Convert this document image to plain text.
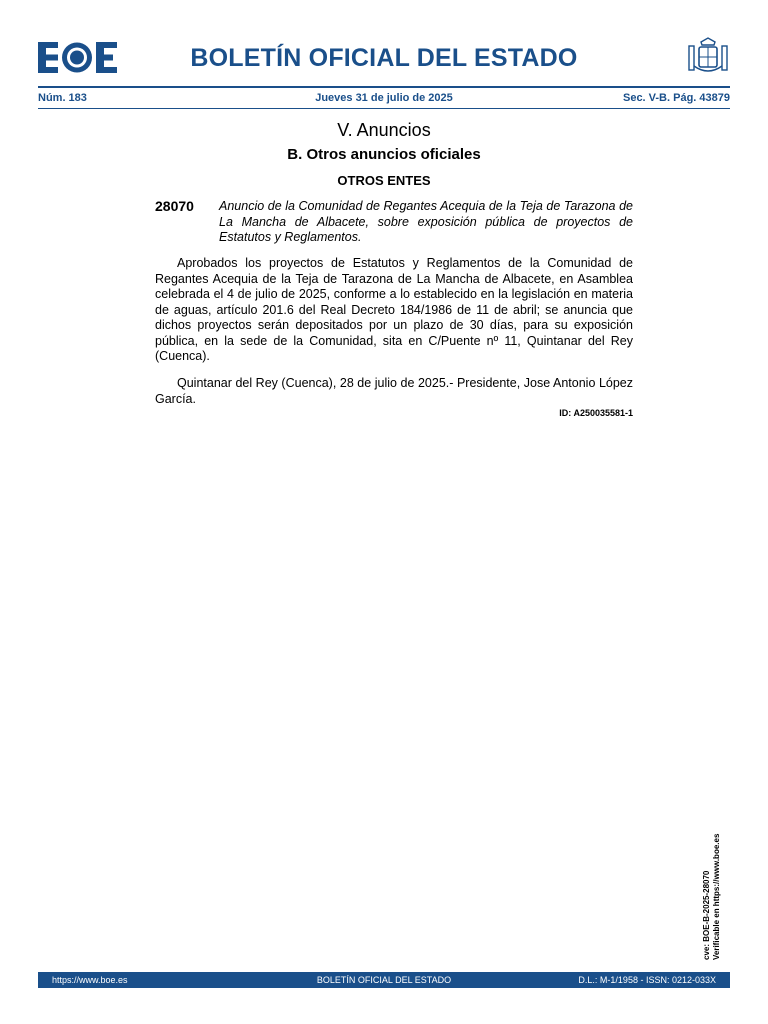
BOLETÍN OFICIAL DEL ESTADO
Núm. 183	Jueves 31 de julio de 2025	Sec. V-B. Pág. 43879
V. Anuncios
B. Otros anuncios oficiales
OTROS ENTES
28070 Anuncio de la Comunidad de Regantes Acequia de la Teja de Tarazona de La Mancha de Albacete, sobre exposición pública de proyectos de Estatutos y Reglamentos.

Aprobados los proyectos de Estatutos y Reglamentos de la Comunidad de Regantes Acequia de la Teja de Tarazona de La Mancha de Albacete, en Asamblea celebrada el 4 de julio de 2025, conforme a lo establecido en la legislación en materia de aguas, artículo 201.6 del Real Decreto 184/1986 de 11 de abril; se anuncia que dichos proyectos serán depositados por un plazo de 30 días, para su exposición pública, en la sede de la Comunidad, sita en C/Puente nº 11, Quintanar del Rey (Cuenca).

Quintanar del Rey (Cuenca), 28 de julio de 2025.- Presidente, Jose Antonio López García.

ID: A250035581-1
cve: BOE-B-2025-28070 Verificable en https://www.boe.es
https://www.boe.es	BOLETÍN OFICIAL DEL ESTADO	D.L.: M-1/1958 - ISSN: 0212-033X
